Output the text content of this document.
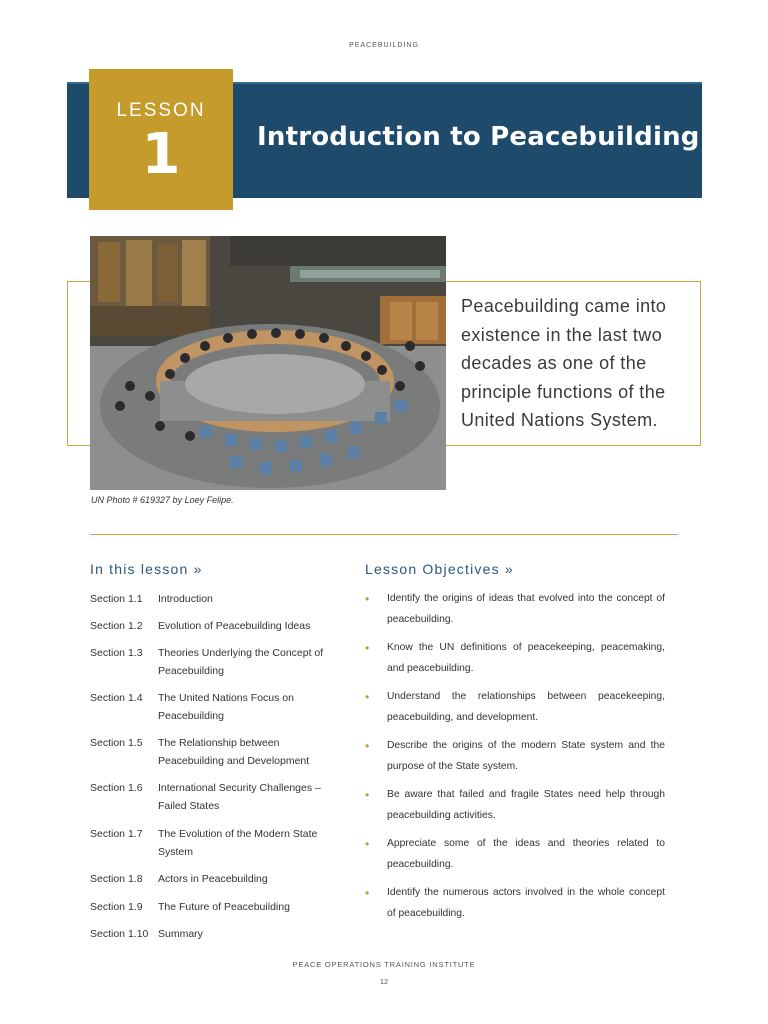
PEACEBUILDING
LESSON
1	Introduction to Peacebuilding
Peacebuilding came into existence in the last two decades as one of the principle functions of the United Nations System.
UN Photo # 619327 by Loey Felipe.
In this lesson »	Lesson Objectives »
Section 1.1	Introduction
Section 1.2	Evolution of Peacebuilding Ideas
Section 1.3	Theories Underlying the Concept of Peacebuilding
Section 1.4	The United Nations Focus on Peacebuilding
Section 1.5	The Relationship between Peacebuilding and Development
Section 1.6	International Security Challenges – Failed States
Section 1.7	The Evolution of the Modern State System
Section 1.8	Actors in Peacebuilding
Section 1.9	The Future of Peacebuilding
Section 1.10 Summary
• Identify the origins of ideas that evolved into the concept of peacebuilding.
• Know the UN definitions of peacekeeping, peacemaking, and peacebuilding.
• Understand the relationships between peacekeeping, peacebuilding, and development.
• Describe the origins of the modern State system and the purpose of the State system.
• Be aware that failed and fragile States need help through peacebuilding activities.
• Appreciate some of the ideas and theories related to peacebuilding.
• Identify the numerous actors involved in the whole concept of peacebuilding.
PEACE OPERATIONS TRAINING INSTITUTE
12
